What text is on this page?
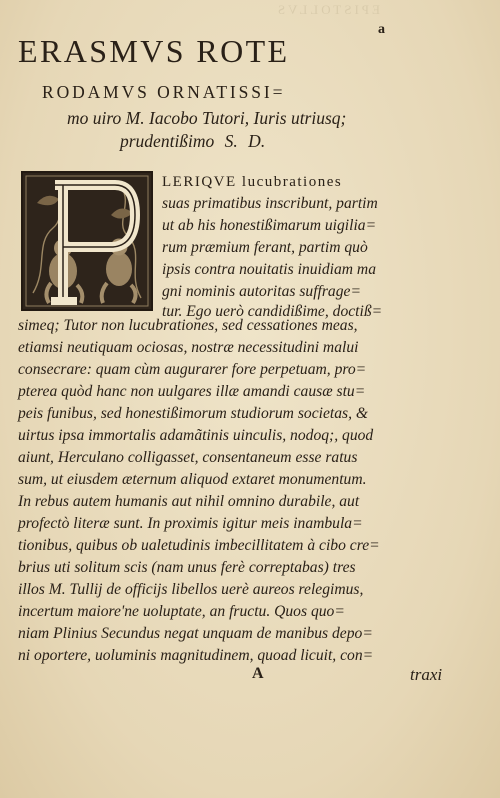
EPISTOLLVS
a
ERASMVS ROTE
RODAMVS ORNATISSI=
mo uiro M. Iacobo Tutori, Iuris utriusq;
prudentißimo S. D.
LERIQVE lucubrationes
suas primatibus inscribunt, partim
ut ab his honestißimarum uigilia=
rum præmium ferant, partim quò
ipsis contra nouitatis inuidiam ma
gni nominis autoritas suffrage=
tur. Ego uerò candidißime, doctiß=
simeq; Tutor non lucubrationes, sed cessationes meas,
etiamsi neutiquam ociosas, nostræ necessitudini malui
consecrare: quam cùm augurarer fore perpetuam, pro=
pterea quòd hanc non uulgares illæ amandi causæ stu=
peis funibus, sed honestißimorum studiorum societas, &
uirtus ipsa immortalis adamãtinis uinculis, nodoq;, quod
aiunt, Herculano colligasset, consentaneum esse ratus
sum, ut eiusdem æternum aliquod extaret monumentum.
In rebus autem humanis aut nihil omnino durabile, aut
profectò literæ sunt. In proximis igitur meis inambula=
tionibus, quibus ob ualetudinis imbecillitatem à cibo cre=
brius uti solitum scis (nam unus ferè correptabas) tres
illos M. Tullij de officijs libellos uerè aureos relegimus,
incertum maiore'ne uoluptate, an fructu. Quos quo=
niam Plinius Secundus negat unquam de manibus depo=
ni oportere, uoluminis magnitudinem, quoad licuit, con=
A	traxi
